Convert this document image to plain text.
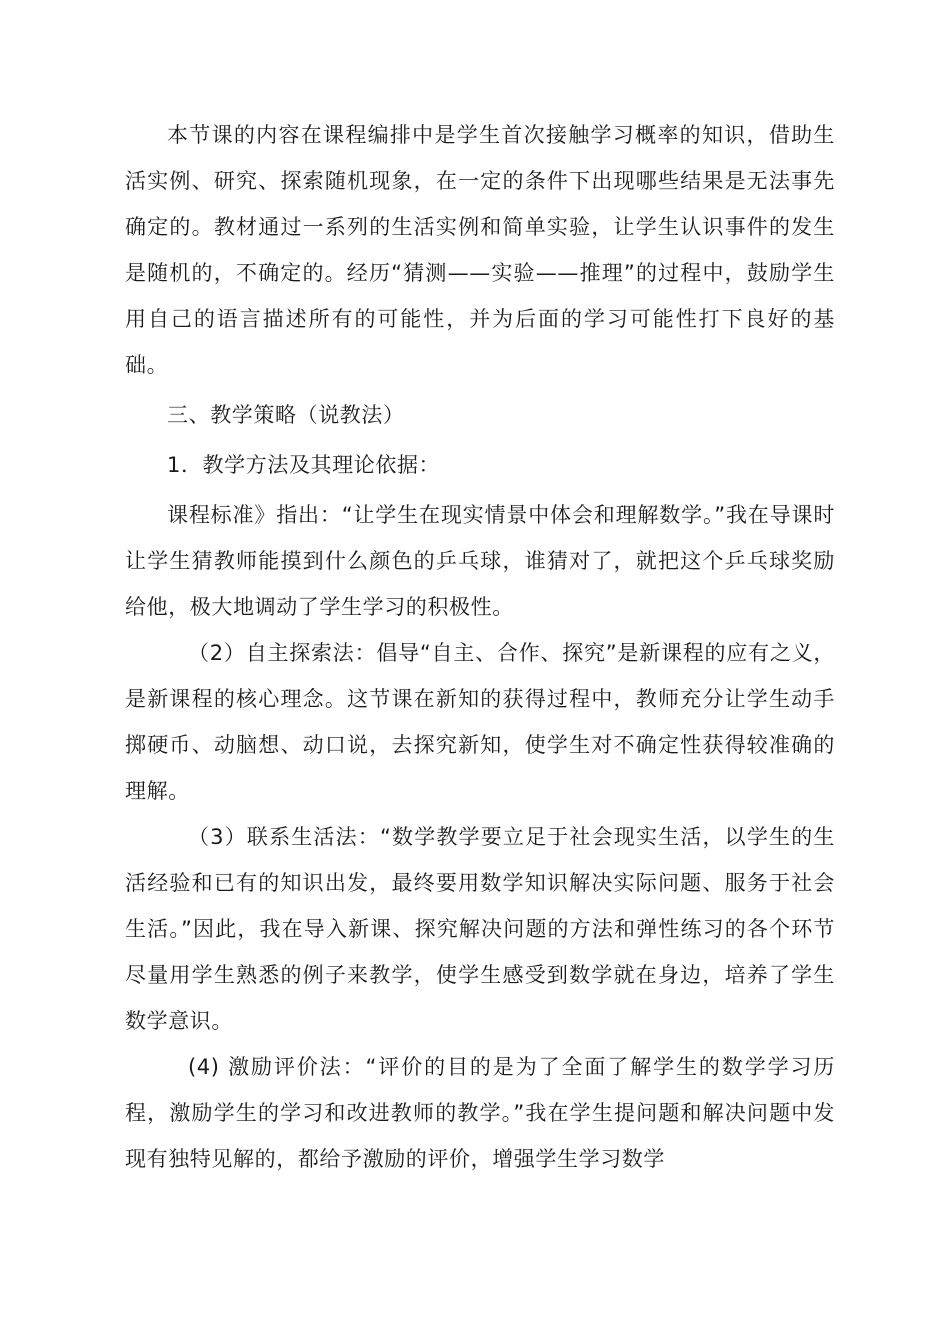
本节课的内容在课程编排中是学生首次接触学习概率的知识，借助生活实例、研究、探索随机现象，在一定的条件下出现哪些结果是无法事先确定的。教材通过一系列的生活实例和简单实验，让学生认识事件的发生是随机的，不确定的。经历“猜测——实验——推理”的过程中，鼓励学生用自己的语言描述所有的可能性，并为后面的学习可能性打下良好的基础。

三、教学策略（说教法）

1．教学方法及其理论依据：

课程标准》指出：“让学生在现实情景中体会和理解数学。”我在导课时让学生猜教师能摸到什么颜色的乒乓球，谁猜对了，就把这个乒乓球奖励给他，极大地调动了学生学习的积极性。

（2）自主探索法：倡导“自主、合作、探究”是新课程的应有之义，是新课程的核心理念。这节课在新知的获得过程中，教师充分让学生动手掷硬币、动脑想、动口说，去探究新知，使学生对不确定性获得较准确的理解。

（3）联系生活法：“数学教学要立足于社会现实生活，以学生的生活经验和已有的知识出发，最终要用数学知识解决实际问题、服务于社会生活。”因此，我在导入新课、探究解决问题的方法和弹性练习的各个环节尽量用学生熟悉的例子来教学，使学生感受到数学就在身边，培养了学生数学意识。

(4) 激励评价法：“评价的目的是为了全面了解学生的数学学习历程，激励学生的学习和改进教师的教学。”我在学生提问题和解决问题中发现有独特见解的，都给予激励的评价，增强学生学习数学
